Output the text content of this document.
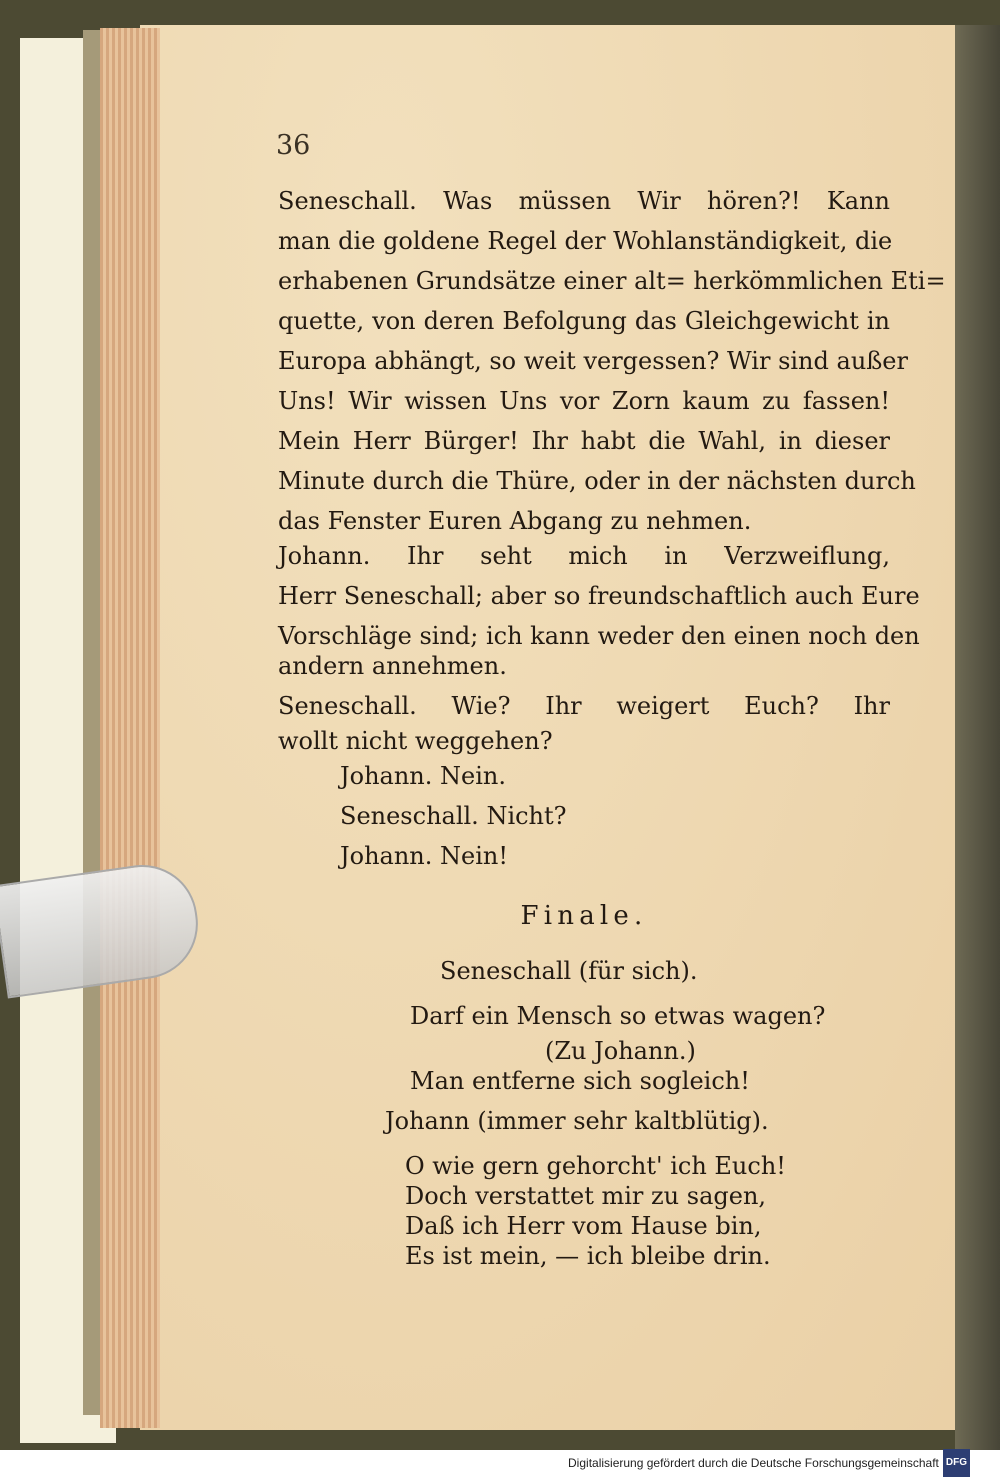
36

Seneschall. Was müssen Wir hören?! Kann

man die goldene Regel der Wohlanständigkeit, die

erhabenen Grundsätze einer alt= herkömmlichen Eti=

quette, von deren Befolgung das Gleichgewicht in

Europa abhängt, so weit vergessen? Wir sind außer

Uns! Wir wissen Uns vor Zorn kaum zu fassen!

Mein Herr Bürger! Ihr habt die Wahl, in dieser

Minute durch die Thüre, oder in der nächsten durch

das Fenster Euren Abgang zu nehmen.

Johann. Ihr seht mich in Verzweiflung,

Herr Seneschall; aber so freundschaftlich auch Eure

Vorschläge sind; ich kann weder den einen noch den

andern annehmen.

Seneschall. Wie? Ihr weigert Euch? Ihr

wollt nicht weggehen?

Johann. Nein.

Seneschall. Nicht?

Johann. Nein!

Finale.

Seneschall (für sich).

Darf ein Mensch so etwas wagen?

(Zu Johann.)

Man entferne sich sogleich!

Johann (immer sehr kaltblütig).

O wie gern gehorcht' ich Euch!

Doch verstattet mir zu sagen,

Daß ich Herr vom Hause bin,

Es ist mein, — ich bleibe drin.

Digitalisierung gefördert durch die Deutsche Forschungsgemeinschaft DFG
